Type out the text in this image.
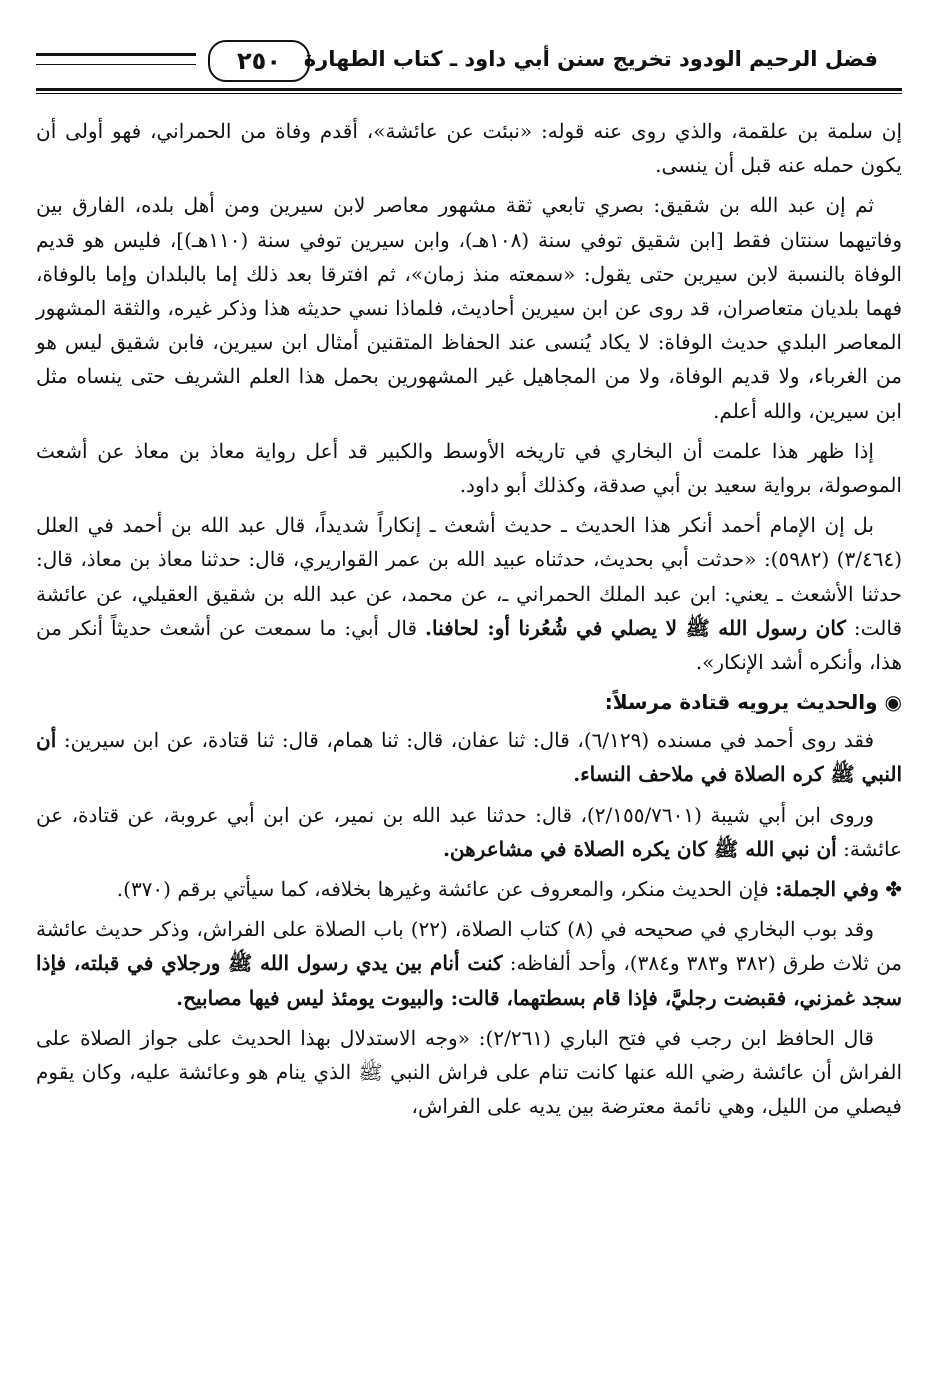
فضل الرحيم الودود تخريج سنن أبي داود ـ كتاب الطهارة
٢٥٠

إن سلمة بن علقمة، والذي روى عنه قوله: «نبئت عن عائشة»، أقدم وفاة من الحمراني، فهو أولى أن يكون حمله عنه قبل أن ينسى.

ثم إن عبد الله بن شقيق: بصري تابعي ثقة مشهور معاصر لابن سيرين ومن أهل بلده، الفارق بين وفاتيهما سنتان فقط [ابن شقيق توفي سنة (١٠٨هـ)، وابن سيرين توفي سنة (١١٠هـ)]، فليس هو قديم الوفاة بالنسبة لابن سيرين حتى يقول: «سمعته منذ زمان»، ثم افترقا بعد ذلك إما بالبلدان وإما بالوفاة، فهما بلديان متعاصران، قد روى عن ابن سيرين أحاديث، فلماذا نسي حديثه هذا وذكر غيره، والثقة المشهور المعاصر البلدي حديث الوفاة: لا يكاد يُنسى عند الحفاظ المتقنين أمثال ابن سيرين، فابن شقيق ليس هو من الغرباء، ولا قديم الوفاة، ولا من المجاهيل غير المشهورين بحمل هذا العلم الشريف حتى ينساه مثل ابن سيرين، والله أعلم.

إذا ظهر هذا علمت أن البخاري في تاريخه الأوسط والكبير قد أعل رواية معاذ بن معاذ عن أشعث الموصولة، برواية سعيد بن أبي صدقة، وكذلك أبو داود.

بل إن الإمام أحمد أنكر هذا الحديث ـ حديث أشعث ـ إنكاراً شديداً، قال عبد الله بن أحمد في العلل (٣/٤٦٤) (٥٩٨٢): «حدثت أبي بحديث، حدثناه عبيد الله بن عمر القواريري، قال: حدثنا معاذ بن معاذ، قال: حدثنا الأشعث ـ يعني: ابن عبد الملك الحمراني ـ، عن محمد، عن عبد الله بن شقيق العقيلي، عن عائشة قالت: كان رسول الله ﷺ لا يصلي في شُعُرنا أو: لحافنا. قال أبي: ما سمعت عن أشعث حديثاً أنكر من هذا، وأنكره أشد الإنكار».

◉ والحديث يرويه قتادة مرسلاً:

فقد روى أحمد في مسنده (٦/١٢٩)، قال: ثنا عفان، قال: ثنا همام، قال: ثنا قتادة، عن ابن سيرين: أن النبي ﷺ كره الصلاة في ملاحف النساء.

وروى ابن أبي شيبة (٢/١٥٥/٧٦٠١)، قال: حدثنا عبد الله بن نمير، عن ابن أبي عروبة، عن قتادة، عن عائشة: أن نبي الله ﷺ كان يكره الصلاة في مشاعرهن.

✤ وفي الجملة: فإن الحديث منكر، والمعروف عن عائشة وغيرها بخلافه، كما سيأتي برقم (٣٧٠).

وقد بوب البخاري في صحيحه في (٨) كتاب الصلاة، (٢٢) باب الصلاة على الفراش، وذكر حديث عائشة من ثلاث طرق (٣٨٢ و٣٨٣ و٣٨٤)، وأحد ألفاظه: كنت أنام بين يدي رسول الله ﷺ ورجلاي في قبلته، فإذا سجد غمزني، فقبضت رجليَّ، فإذا قام بسطتهما، قالت: والبيوت يومئذ ليس فيها مصابيح.

قال الحافظ ابن رجب في فتح الباري (٢/٢٦١): «وجه الاستدلال بهذا الحديث على جواز الصلاة على الفراش أن عائشة رضي الله عنها كانت تنام على فراش النبي ﷺ الذي ينام هو وعائشة عليه، وكان يقوم فيصلي من الليل، وهي نائمة معترضة بين يديه على الفراش،
